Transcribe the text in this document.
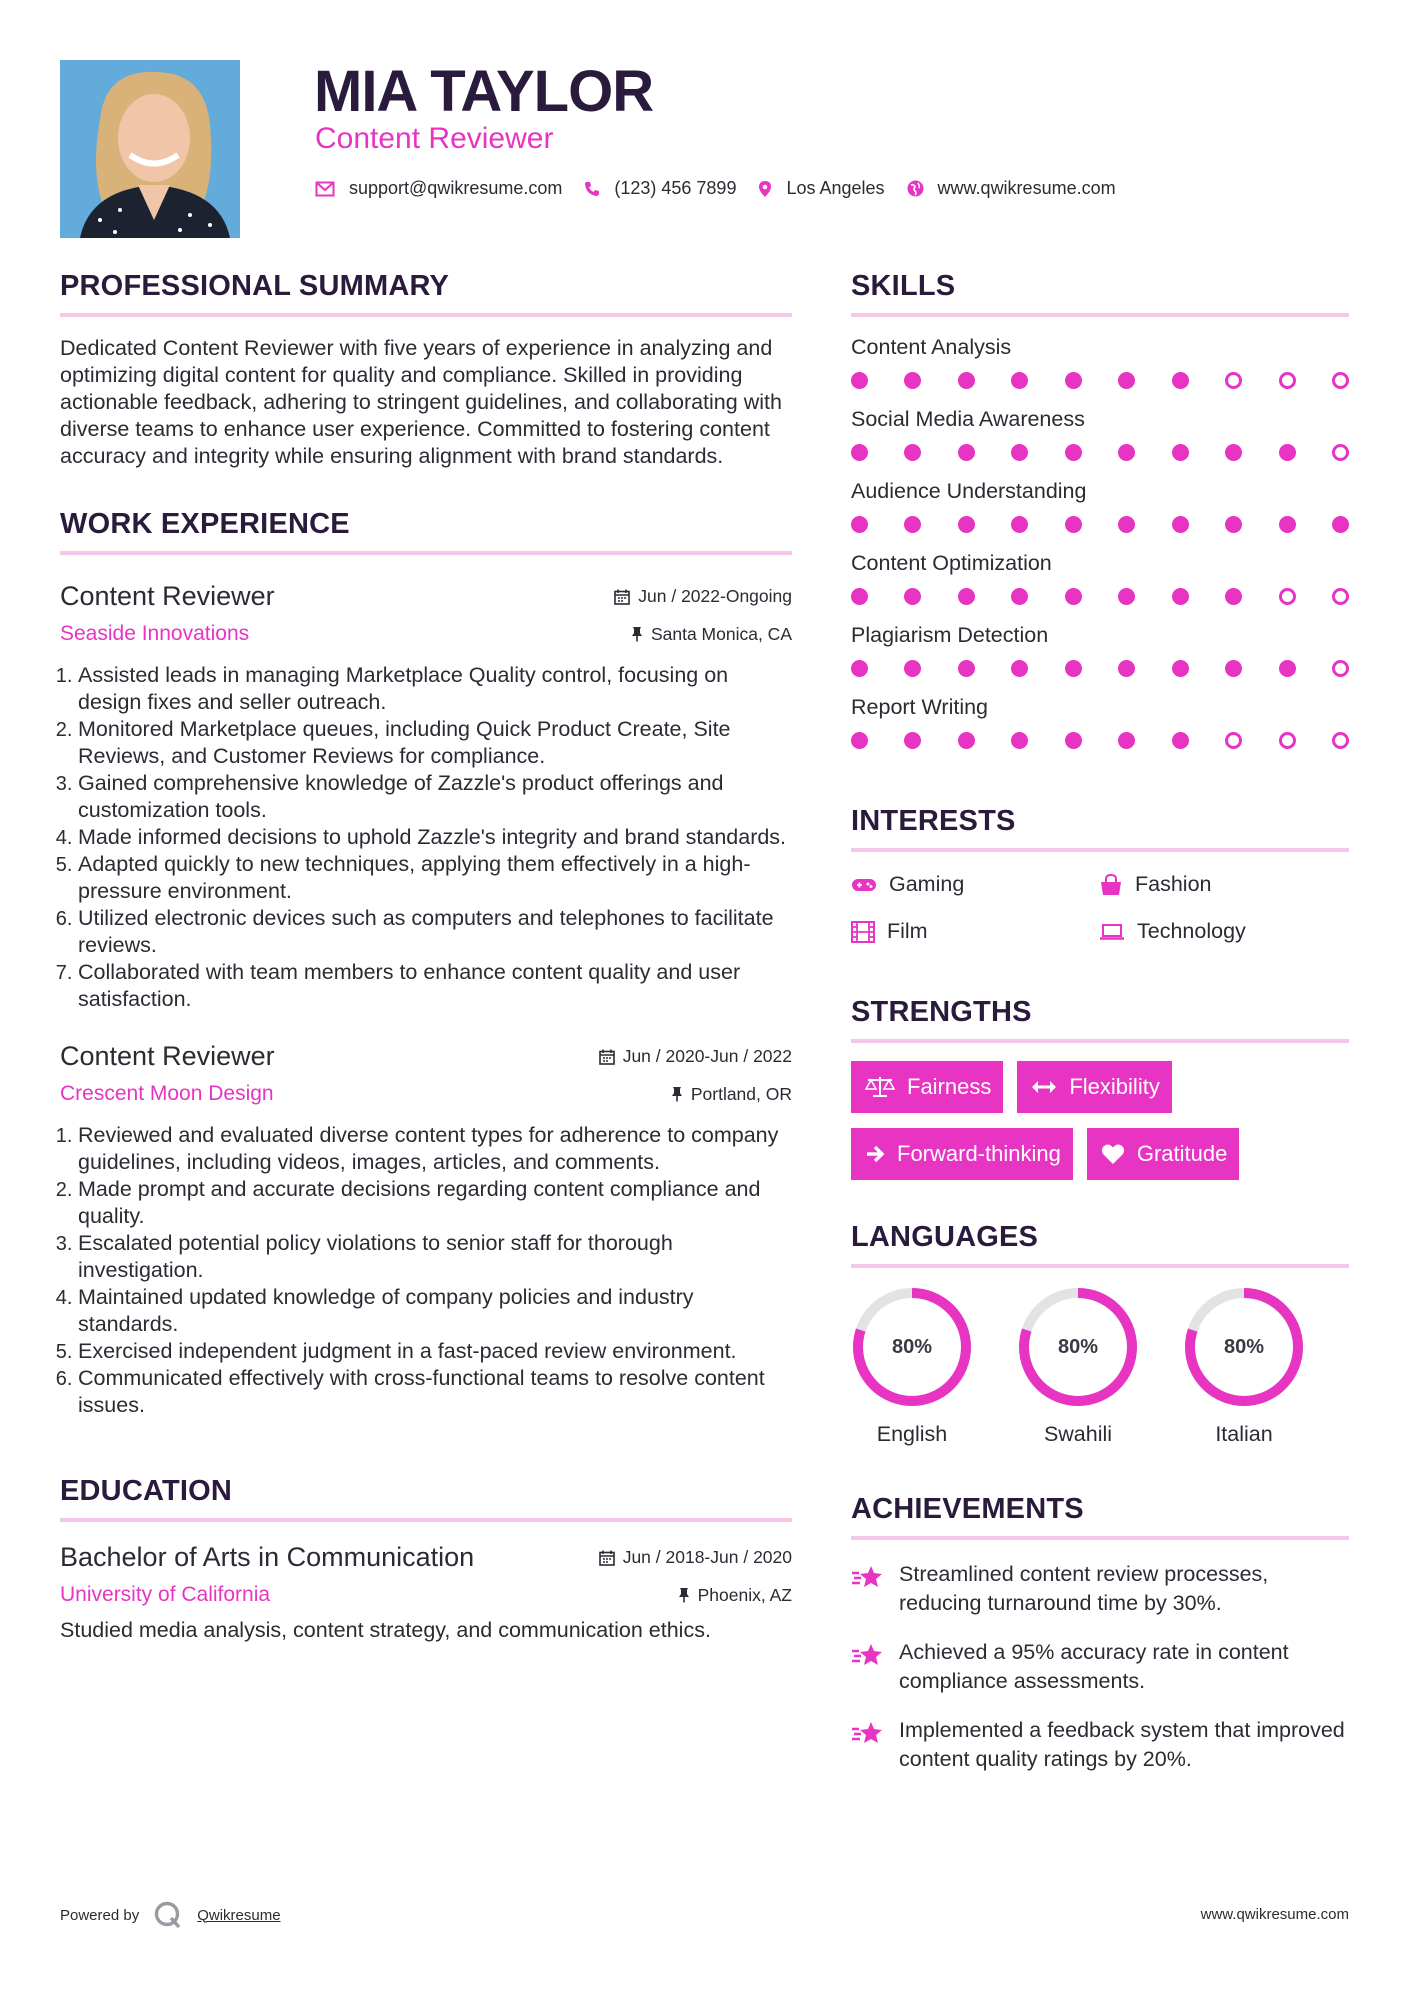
MIA TAYLOR
Content Reviewer
support@qwikresume.com	(123) 456 7899	Los Angeles	www.qwikresume.com
PROFESSIONAL SUMMARY

Dedicated Content Reviewer with five years of experience in analyzing and optimizing digital content for quality and compliance. Skilled in providing actionable feedback, adhering to stringent guidelines, and collaborating with diverse teams to enhance user experience. Committed to fostering content accuracy and integrity while ensuring alignment with brand standards.

WORK EXPERIENCE
Content Reviewer	Jun / 2022-Ongoing
Seaside Innovations	Santa Monica, CA
1. Assisted leads in managing Marketplace Quality control, focusing on design fixes and seller outreach.
2. Monitored Marketplace queues, including Quick Product Create, Site Reviews, and Customer Reviews for compliance.
3. Gained comprehensive knowledge of Zazzle's product offerings and customization tools.
4. Made informed decisions to uphold Zazzle's integrity and brand standards.
5. Adapted quickly to new techniques, applying them effectively in a high-pressure environment.
6. Utilized electronic devices such as computers and telephones to facilitate reviews.
7. Collaborated with team members to enhance content quality and user satisfaction.
Content Reviewer	Jun / 2020-Jun / 2022
Crescent Moon Design	Portland, OR
1. Reviewed and evaluated diverse content types for adherence to company guidelines, including videos, images, articles, and comments.
2. Made prompt and accurate decisions regarding content compliance and quality.
3. Escalated potential policy violations to senior staff for thorough investigation.
4. Maintained updated knowledge of company policies and industry standards.
5. Exercised independent judgment in a fast-paced review environment.
6. Communicated effectively with cross-functional teams to resolve content issues.
EDUCATION
Bachelor of Arts in Communication	Jun / 2018-Jun / 2020
University of California	Phoenix, AZ

Studied media analysis, content strategy, and communication ethics.

SKILLS
Content Analysis
Social Media Awareness
Audience Understanding
Content Optimization
Plagiarism Detection
Report Writing
INTERESTS
Gaming	Fashion
Film	Technology
STRENGTHS
Fairness	Flexibility
Forward-thinking	Gratitude
LANGUAGES
80%
English
80%
Swahili
80%
Italian
ACHIEVEMENTS
Streamlined content review processes, reducing turnaround time by 30%.
Achieved a 95% accuracy rate in content compliance assessments.
Implemented a feedback system that improved content quality ratings by 20%.
Powered by	Qwikresume	www.qwikresume.com
